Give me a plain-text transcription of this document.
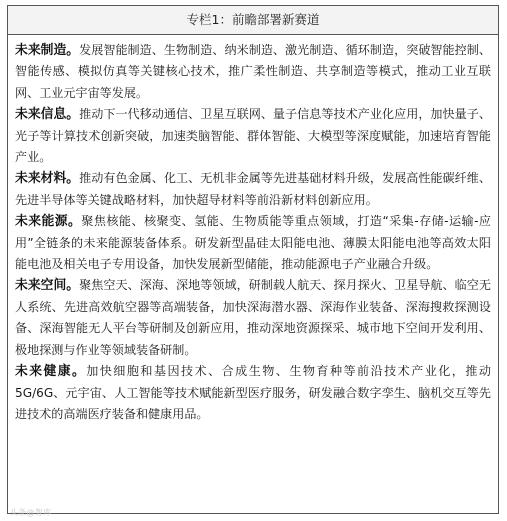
专栏1：前瞻部署新赛道

未来制造。发展智能制造、生物制造、纳米制造、激光制造、循环制造，突破智能控制、智能传感、模拟仿真等关键核心技术，推广柔性制造、共享制造等模式，推动工业互联网、工业元宇宙等发展。

未来信息。推动下一代移动通信、卫星互联网、量子信息等技术产业化应用，加快量子、光子等计算技术创新突破，加速类脑智能、群体智能、大模型等深度赋能，加速培育智能产业。

未来材料。推动有色金属、化工、无机非金属等先进基础材料升级，发展高性能碳纤维、先进半导体等关键战略材料，加快超导材料等前沿新材料创新应用。

未来能源。聚焦核能、核聚变、氢能、生物质能等重点领域，打造“采集-存储-运输-应用”全链条的未来能源装备体系。研发新型晶硅太阳能电池、薄膜太阳能电池等高效太阳能电池及相关电子专用设备，加快发展新型储能，推动能源电子产业融合升级。

未来空间。聚焦空天、深海、深地等领域，研制载人航天、探月探火、卫星导航、临空无人系统、先进高效航空器等高端装备，加快深海潜水器、深海作业装备、深海搜救探测设备、深海智能无人平台等研制及创新应用，推动深地资源探采、城市地下空间开发利用、极地探测与作业等领域装备研制。

未来健康。加快细胞和基因技术、合成生物、生物育种等前沿技术产业化，推动5G/6G、元宇宙、人工智能等技术赋能新型医疗服务，研发融合数字孪生、脑机交互等先进技术的高端医疗装备和健康用品。

头条@智库
